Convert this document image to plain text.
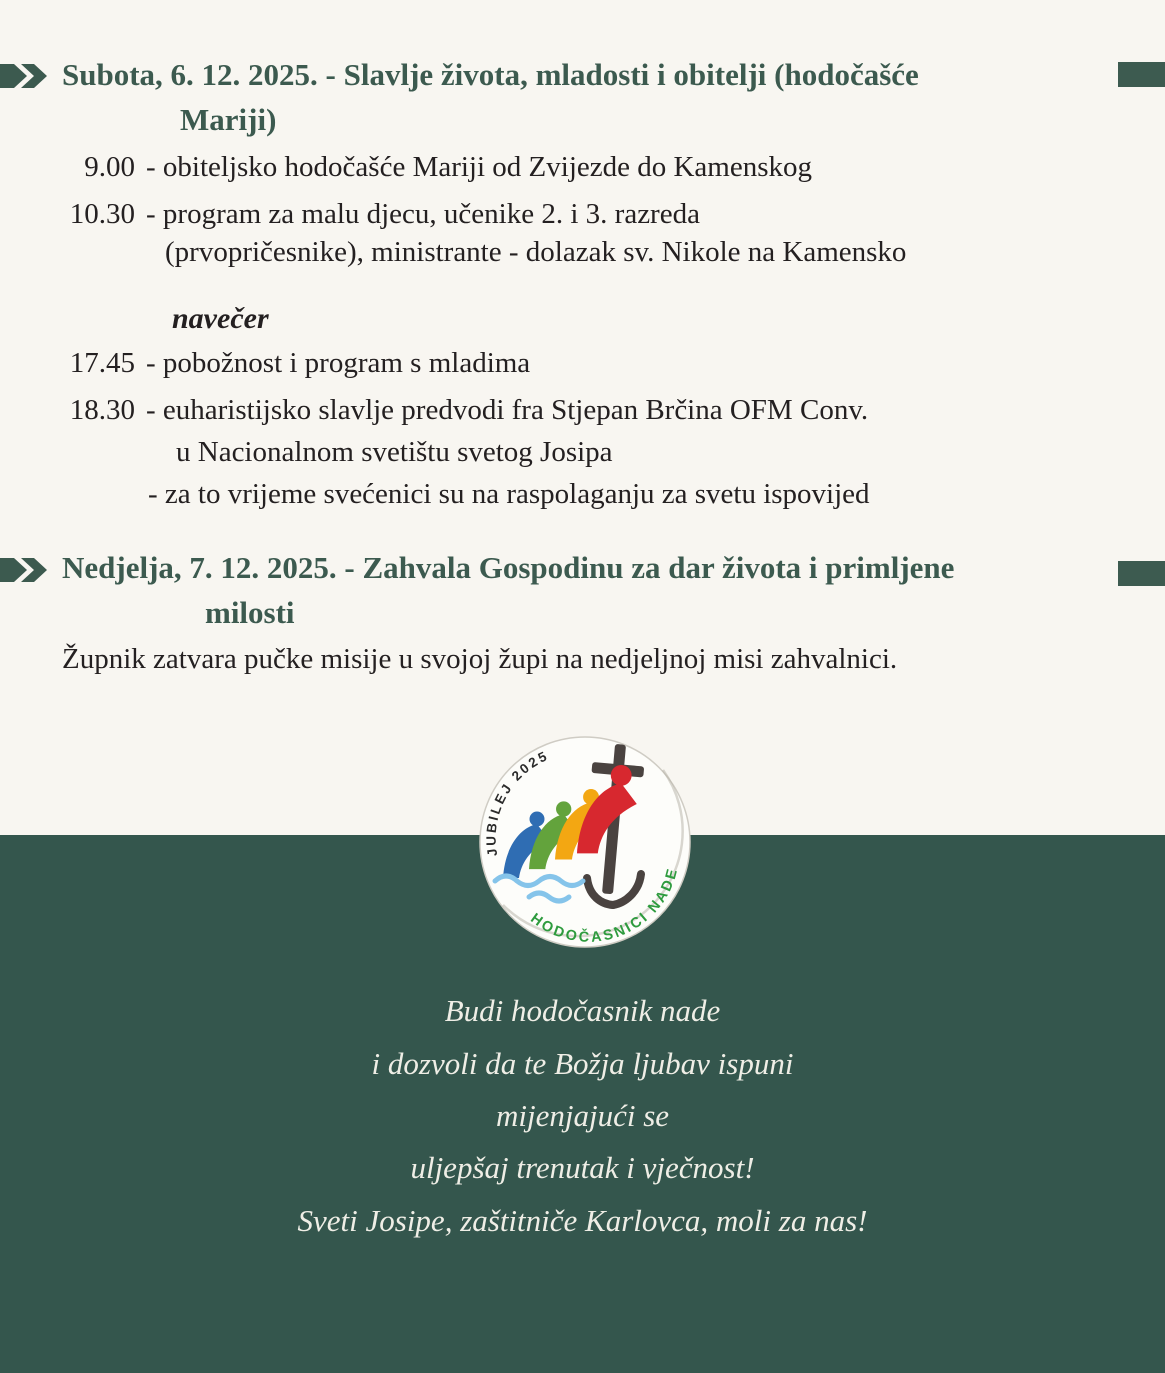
Subota, 6. 12. 2025. - Slavlje života, mladosti i obitelji (hodočašće
Mariji)
9.00 - obiteljsko hodočašće Mariji od Zvijezde do Kamenskog
10.30 - program za malu djecu, učenike 2. i 3. razreda
(prvopričesnike), ministrante - dolazak sv. Nikole na Kamensko
navečer
17.45 - pobožnost i program s mladima
18.30 - euharistijsko slavlje predvodi fra Stjepan Brčina OFM Conv.
u Nacionalnom svetištu svetog Josipa
- za to vrijeme svećenici su na raspolaganju za svetu ispovijed
Nedjelja, 7. 12. 2025. - Zahvala Gospodinu za dar života i primljene
milosti
Župnik zatvara pučke misije u svojoj župi na nedjeljnoj misi zahvalnici.
JUBILEJ 2025
HODOČASNICI NADE
Budi hodočasnik nade
i dozvoli da te Božja ljubav ispuni
mijenjajući se
uljepšaj trenutak i vječnost!
Sveti Josipe, zaštitniče Karlovca, moli za nas!
